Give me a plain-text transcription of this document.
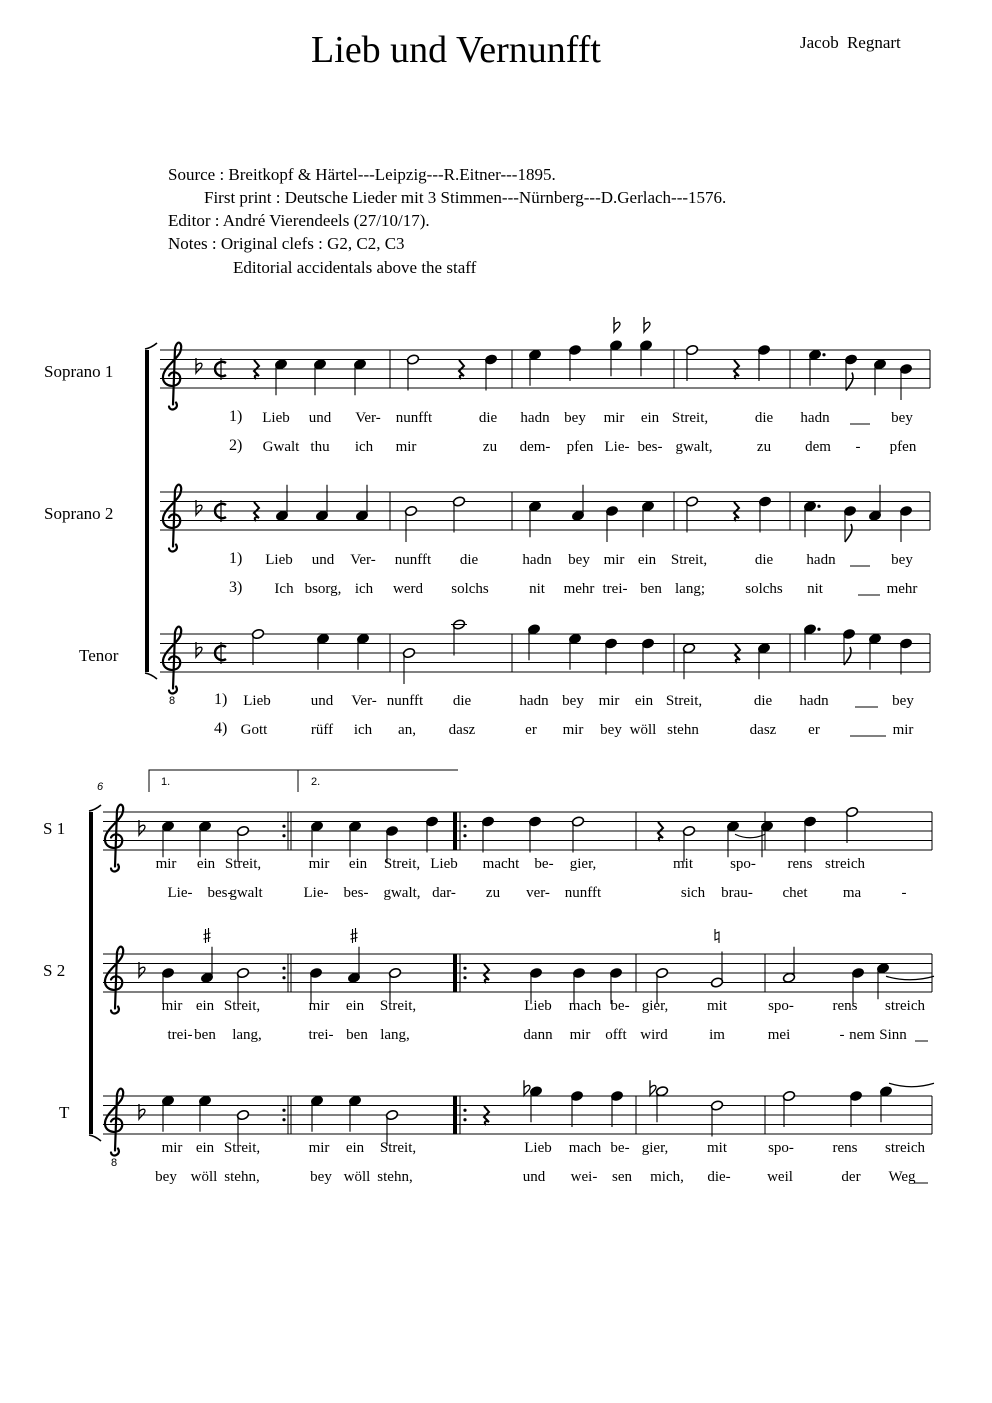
Lieb und Vernunfft	Jacob Regnart
Source : Breitkopf & Härtel---Leipzig---R.Eitner---1895.
First print : Deutsche Lieder mit 3 Stimmen---Nürnberg---D.Gerlach---1576.
Editor : André Vierendeels (27/10/17).
Notes : Original clefs : G2, C2, C3
Editorial accidentals above the staff
Soprano 1
Soprano 2
Tenor
8
1) Lieb und Ver- nunfft	die hadn bey mir ein Streit,	die hadn	bey
2) Gwalt thu ich mir	zu dem- pfen Lie- bes- gwalt,	zu dem - pfen
1) Lieb und Ver- nunfft die	hadn bey mir ein Streit,	die hadn	bey
3) Ich bsorg, ich werd solchs	nit mehr trei- ben lang;	solchs nit	mehr
1) Lieb	und Ver- nunfft die	hadn bey mir ein Streit,	die hadn	bey
4) Gott	rüff ich an, dasz	er mir bey wöll stehn	dasz er	mir
6
S 1
S 2
T
8
1.	2.
mir ein Streit,	mir ein Streit, Lieb macht be- gier,	mit spo- rens streich
Lie- bes-
gwalt	Lie- bes- gwalt, dar- zu ver- nunfft	sich brau- chet ma	-
mir ein Streit,	mir ein Streit,	Lieb mach be- gier,	mit	spo-	rens streich
trei- ben lang,	trei- ben lang,	dann mir offt wird	im	mei	- nem Sinn
mir ein Streit,	mir ein Streit,	Lieb mach be- gier,	mit	spo-	rens streich
bey wöll stehn,	bey wöll stehn,	und wei- sen mich, die- weil	der Weg
